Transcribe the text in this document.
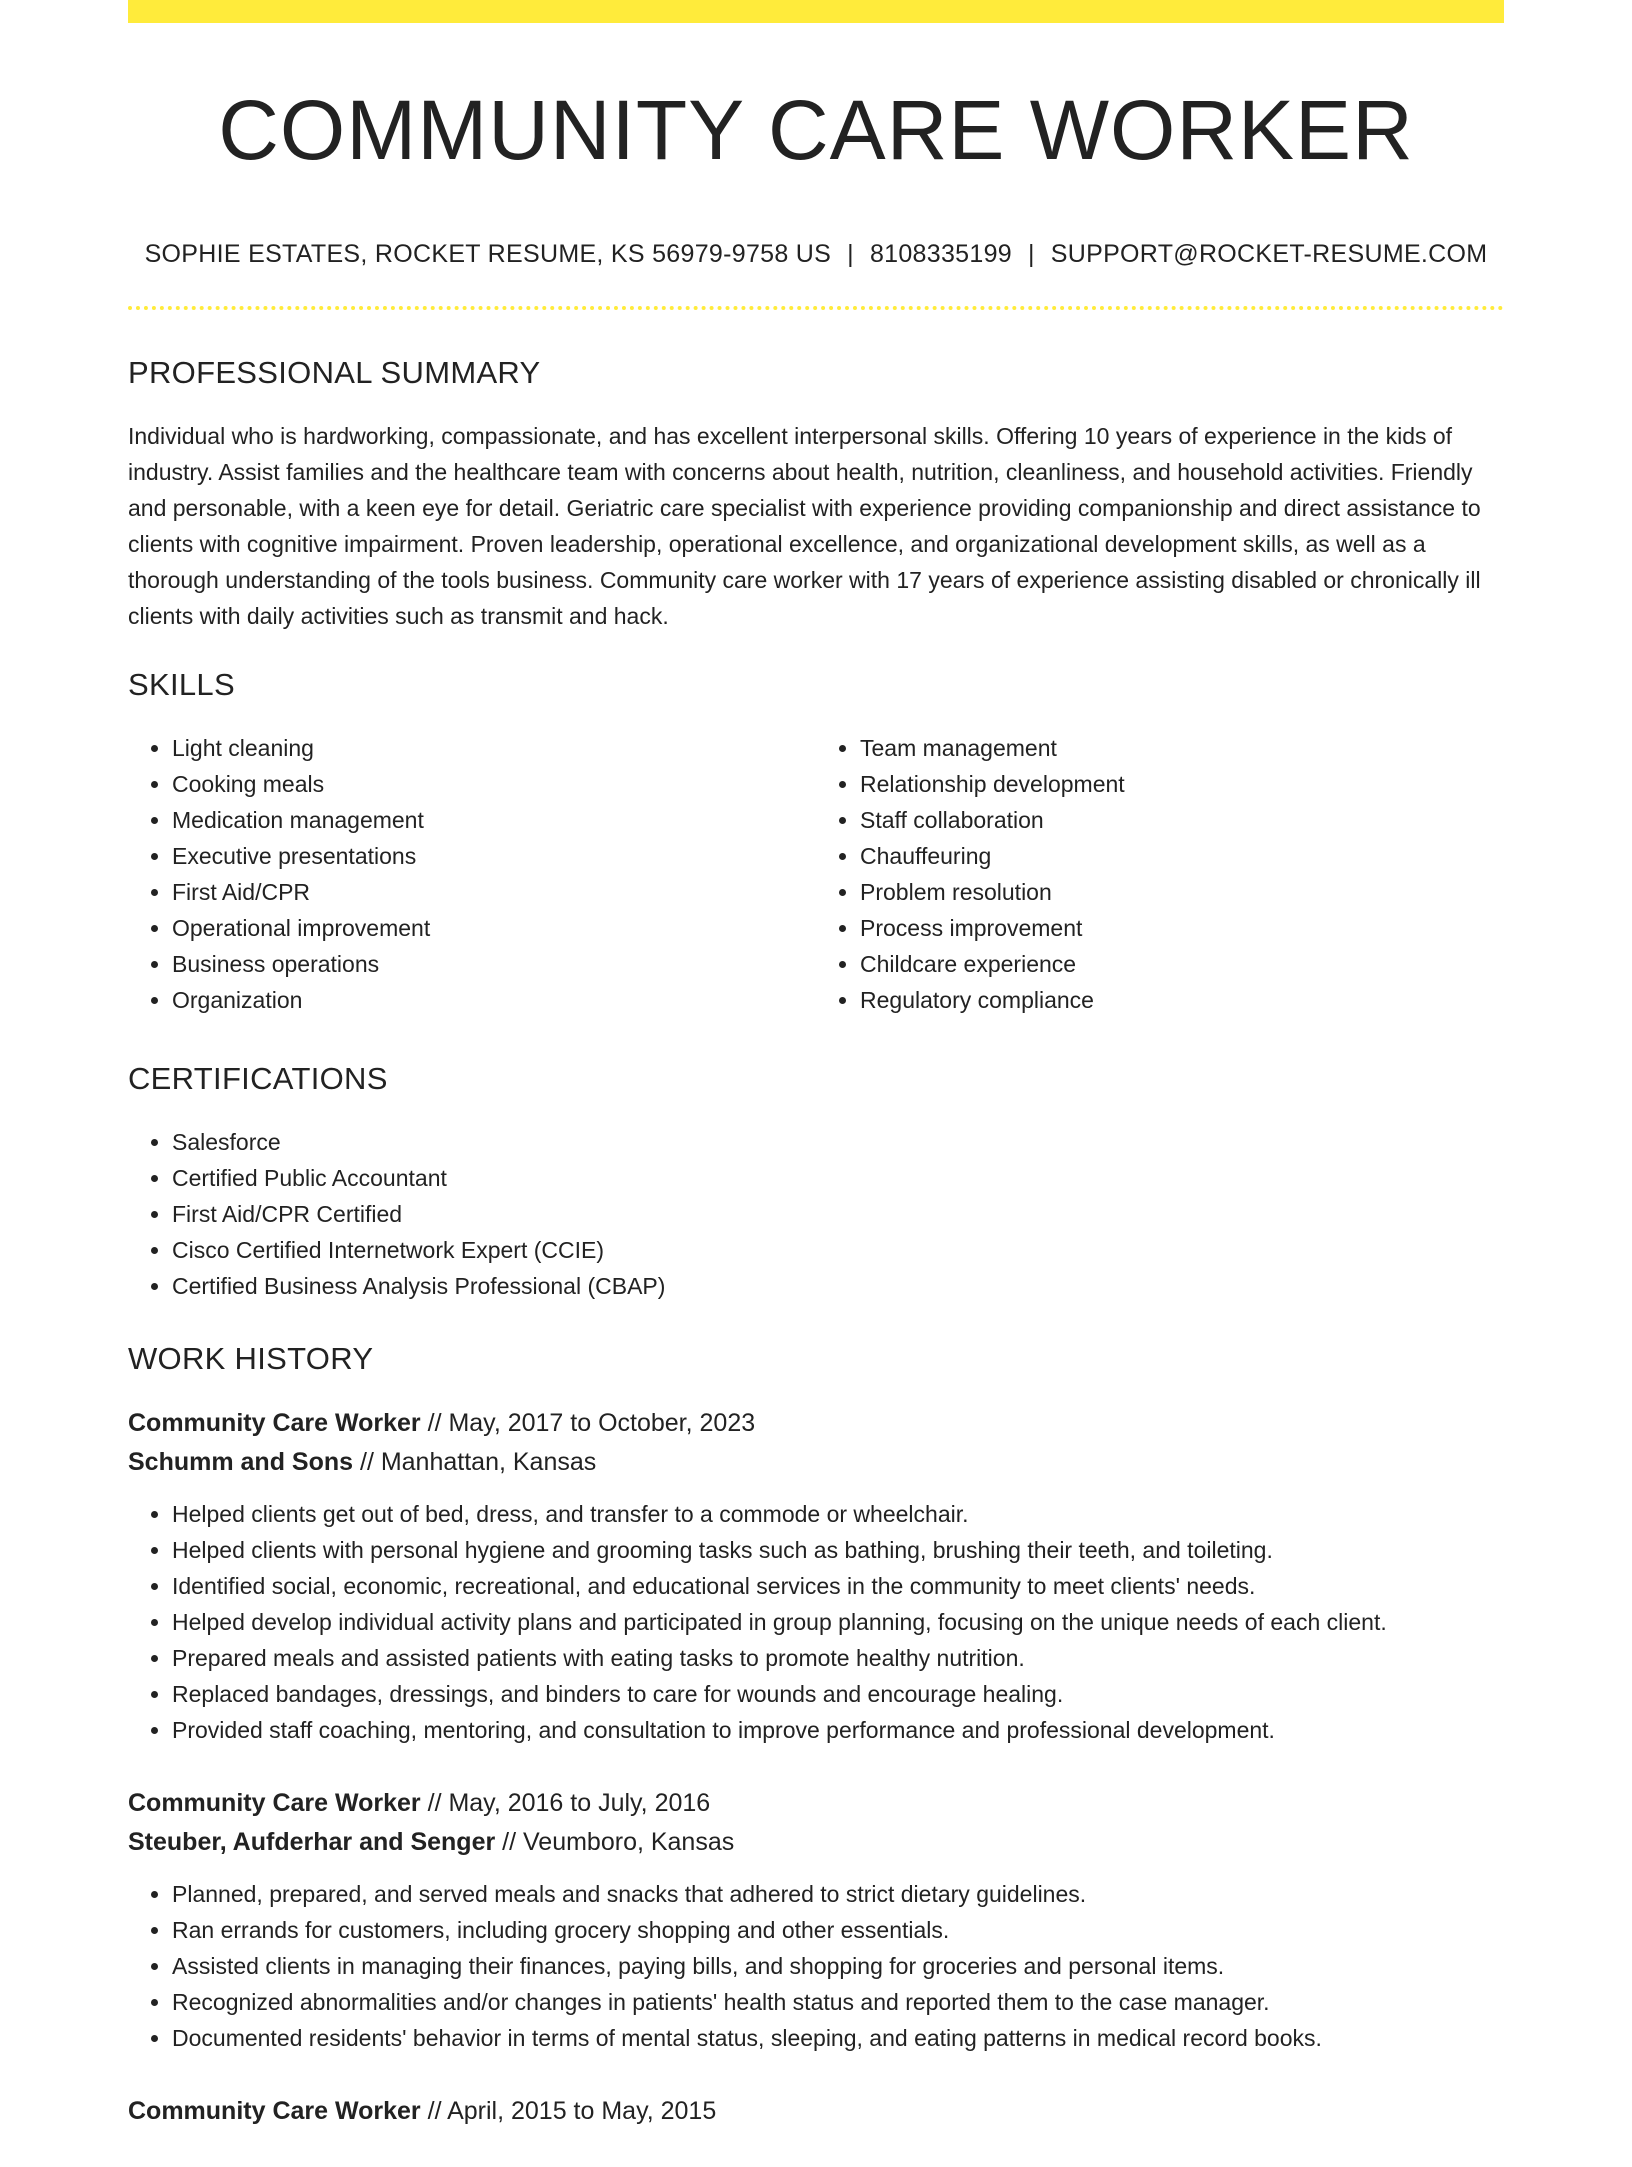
COMMUNITY CARE WORKER
SOPHIE ESTATES, ROCKET RESUME, KS 56979-9758 US | 8108335199 | SUPPORT@ROCKET-RESUME.COM
PROFESSIONAL SUMMARY

Individual who is hardworking, compassionate, and has excellent interpersonal skills. Offering 10 years of experience in the kids of industry. Assist families and the healthcare team with concerns about health, nutrition, cleanliness, and household activities. Friendly and personable, with a keen eye for detail. Geriatric care specialist with experience providing companionship and direct assistance to clients with cognitive impairment. Proven leadership, operational excellence, and organizational development skills, as well as a thorough understanding of the tools business. Community care worker with 17 years of experience assisting disabled or chronically ill clients with daily activities such as transmit and hack.

SKILLS
• Light cleaning
• Cooking meals
• Medication management
• Executive presentations
• First Aid/CPR
• Operational improvement
• Business operations
• Organization
• Team management
• Relationship development
• Staff collaboration
• Chauffeuring
• Problem resolution
• Process improvement
• Childcare experience
• Regulatory compliance
CERTIFICATIONS
• Salesforce
• Certified Public Accountant
• First Aid/CPR Certified
• Cisco Certified Internetwork Expert (CCIE)
• Certified Business Analysis Professional (CBAP)
WORK HISTORY
Community Care Worker // May, 2017 to October, 2023
Schumm and Sons // Manhattan, Kansas
• Helped clients get out of bed, dress, and transfer to a commode or wheelchair.
• Helped clients with personal hygiene and grooming tasks such as bathing, brushing their teeth, and toileting.
• Identified social, economic, recreational, and educational services in the community to meet clients' needs.
• Helped develop individual activity plans and participated in group planning, focusing on the unique needs of each client.
• Prepared meals and assisted patients with eating tasks to promote healthy nutrition.
• Replaced bandages, dressings, and binders to care for wounds and encourage healing.
• Provided staff coaching, mentoring, and consultation to improve performance and professional development.
Community Care Worker // May, 2016 to July, 2016
Steuber, Aufderhar and Senger // Veumboro, Kansas
• Planned, prepared, and served meals and snacks that adhered to strict dietary guidelines.
• Ran errands for customers, including grocery shopping and other essentials.
• Assisted clients in managing their finances, paying bills, and shopping for groceries and personal items.
• Recognized abnormalities and/or changes in patients' health status and reported them to the case manager.
• Documented residents' behavior in terms of mental status, sleeping, and eating patterns in medical record books.
Community Care Worker // April, 2015 to May, 2015
